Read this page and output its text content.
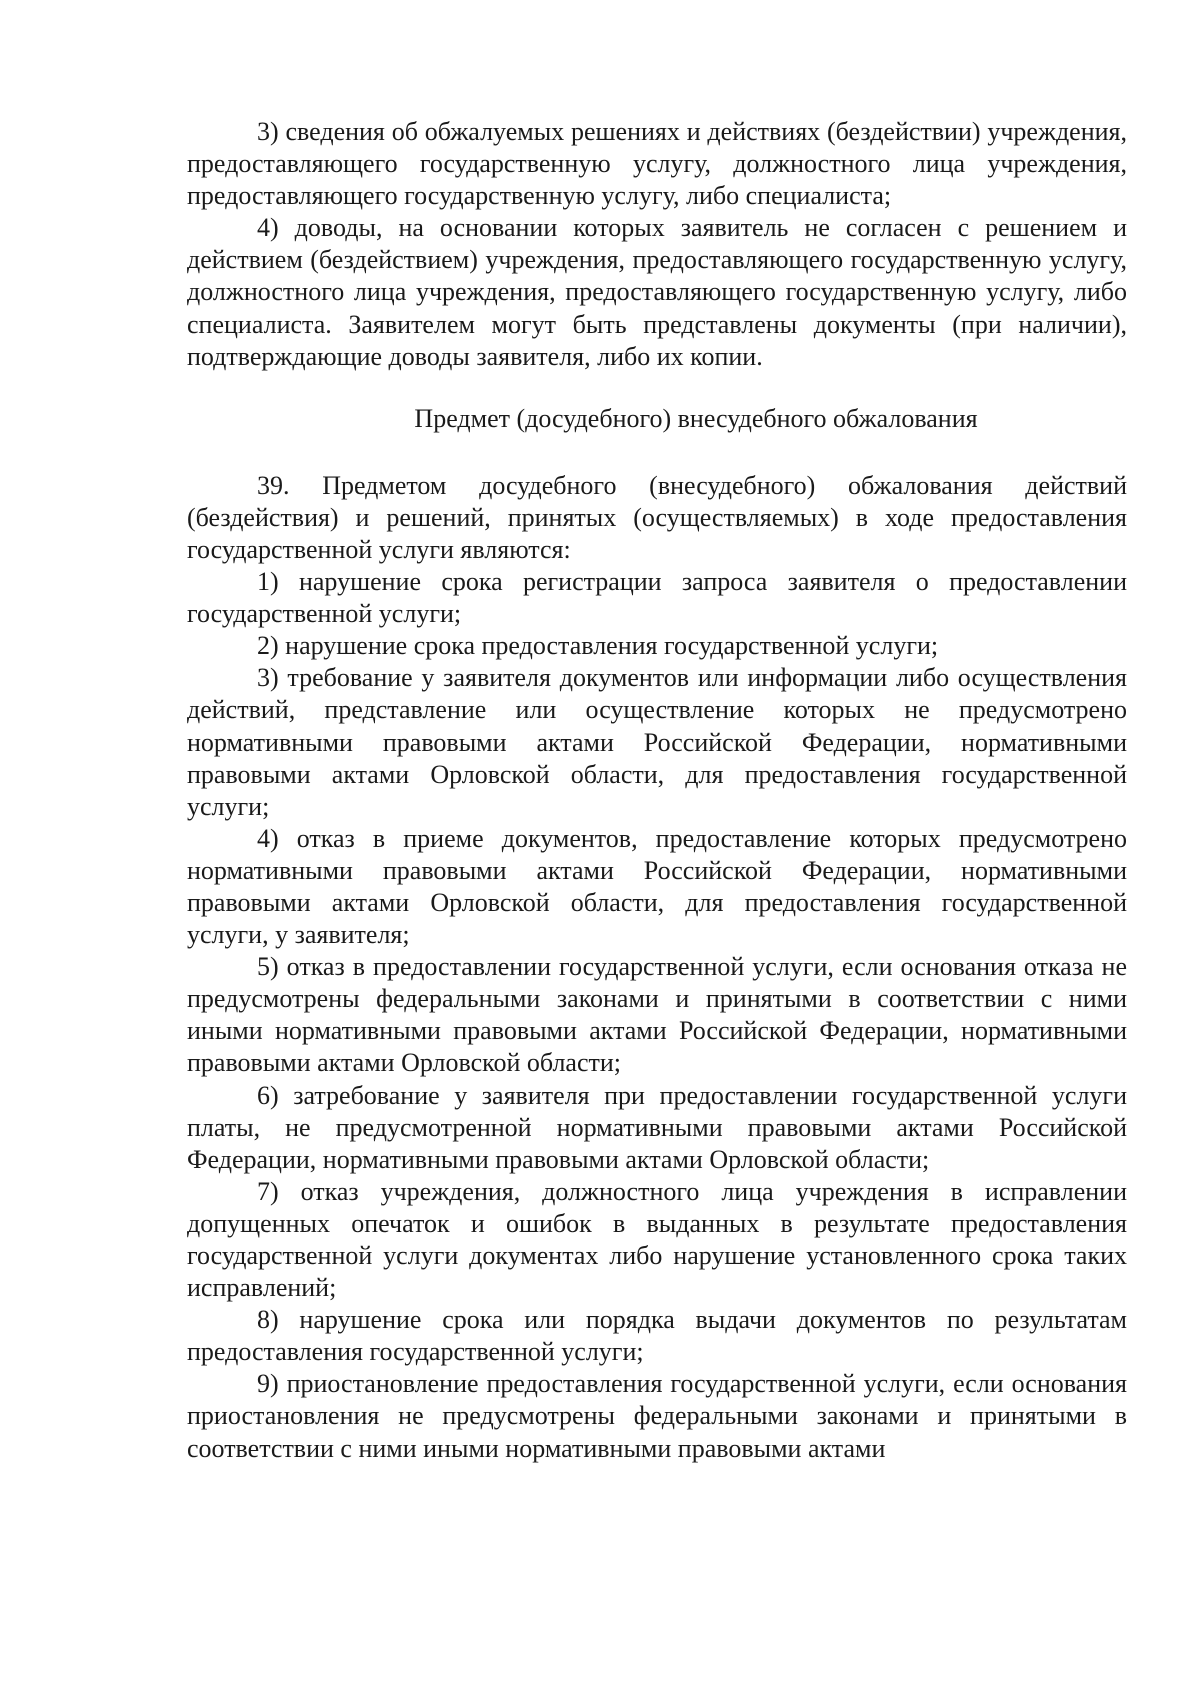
3) сведения об обжалуемых решениях и действиях (бездействии) учреждения, предоставляющего государственную услугу, должностного лица учреждения, предоставляющего государственную услугу, либо специалиста;

4) доводы, на основании которых заявитель не согласен с решением и действием (бездействием) учреждения, предоставляющего государственную услугу, должностного лица учреждения, предоставляющего государственную услугу, либо специалиста. Заявителем могут быть представлены документы (при наличии), подтверждающие доводы заявителя, либо их копии.

Предмет (досудебного) внесудебного обжалования

39. Предметом досудебного (внесудебного) обжалования действий (бездействия) и решений, принятых (осуществляемых) в ходе предоставления государственной услуги являются:

1) нарушение срока регистрации запроса заявителя о предоставлении государственной услуги;

2) нарушение срока предоставления государственной услуги;

3) требование у заявителя документов или информации либо осуществления действий, представление или осуществление которых не предусмотрено нормативными правовыми актами Российской Федерации, нормативными правовыми актами Орловской области, для предоставления государственной услуги;

4) отказ в приеме документов, предоставление которых предусмотрено нормативными правовыми актами Российской Федерации, нормативными правовыми актами Орловской области, для предоставления государственной услуги, у заявителя;

5) отказ в предоставлении государственной услуги, если основания отказа не предусмотрены федеральными законами и принятыми в соответствии с ними иными нормативными правовыми актами Российской Федерации, нормативными правовыми актами Орловской области;

6) затребование у заявителя при предоставлении государственной услуги платы, не предусмотренной нормативными правовыми актами Российской Федерации, нормативными правовыми актами Орловской области;

7) отказ учреждения, должностного лица учреждения в исправлении допущенных опечаток и ошибок в выданных в результате предоставления государственной услуги документах либо нарушение установленного срока таких исправлений;

8) нарушение срока или порядка выдачи документов по результатам предоставления государственной услуги;

9) приостановление предоставления государственной услуги, если основания приостановления не предусмотрены федеральными законами и принятыми в соответствии с ними иными нормативными правовыми актами
